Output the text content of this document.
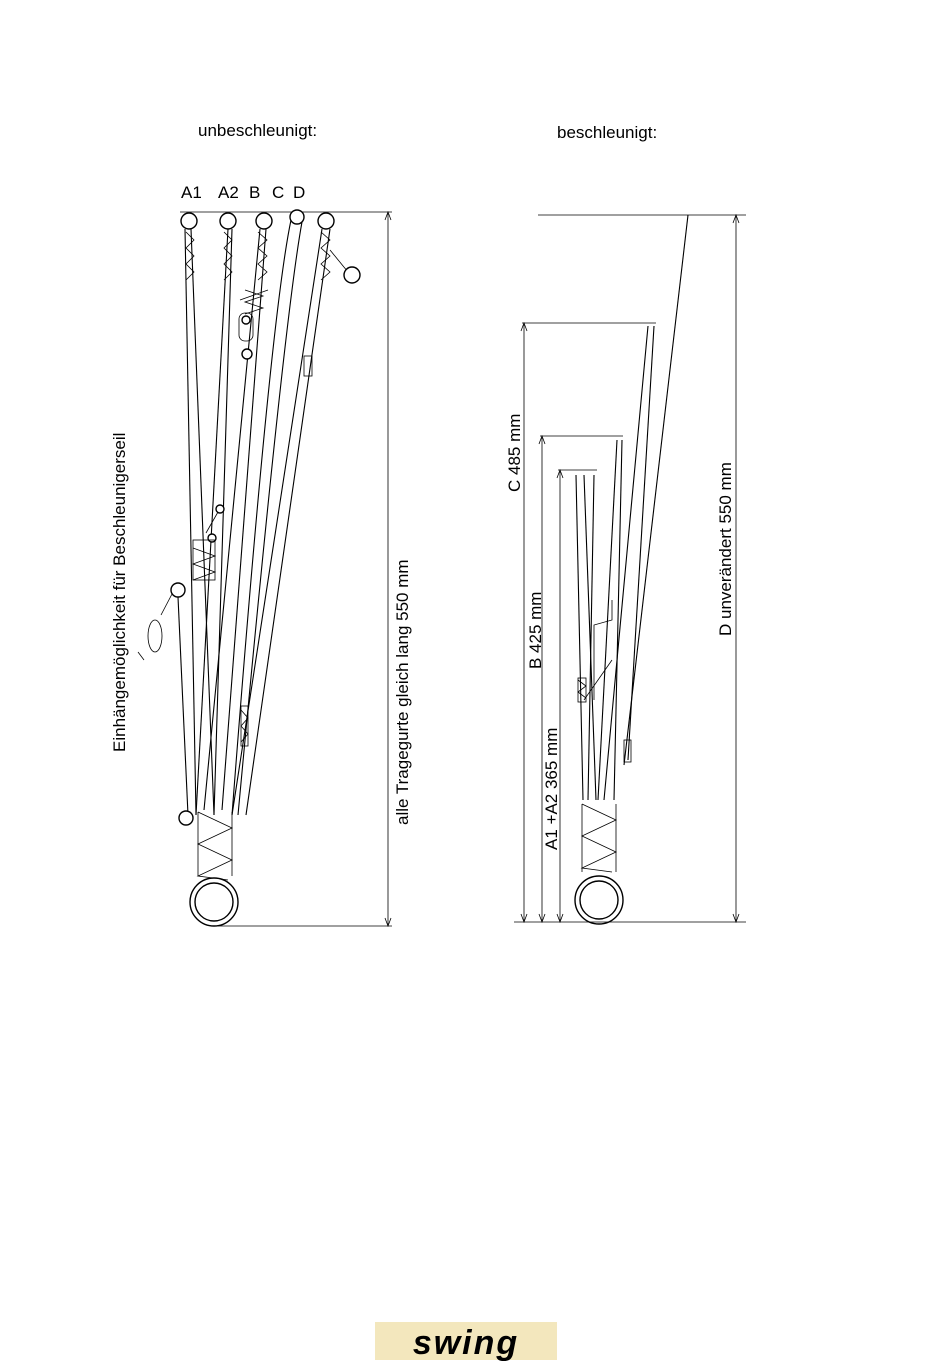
unbeschleunigt:	beschleunigt:
A1 A2 B C D
Einhängemöglichkeit für Beschleunigerseil	alle Tragegurte gleich lang 550 mm
C 485 mm
B 425 mm
A1 +A2 365 mm
D unverändert 550 mm
swing
